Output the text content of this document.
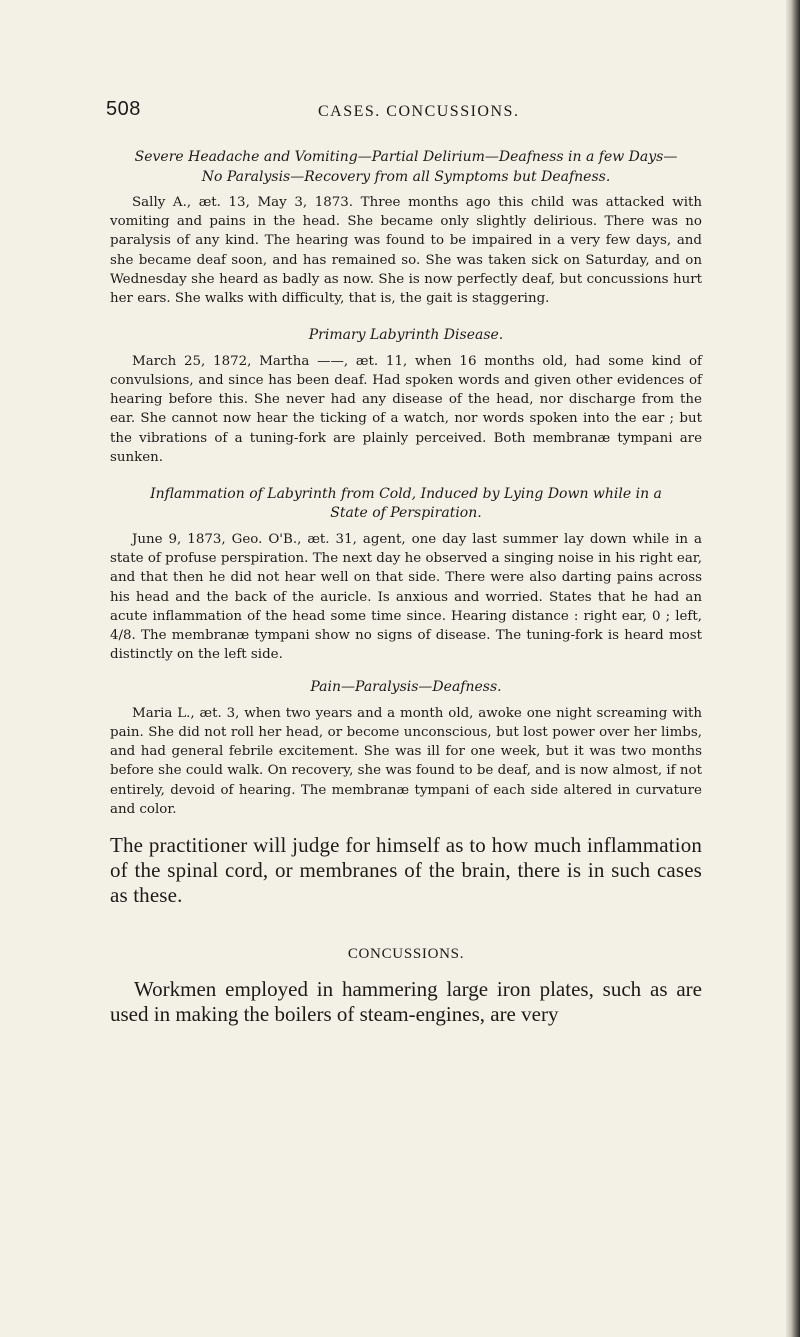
508	CASES. CONCUSSIONS.
Severe Headache and Vomiting—Partial Delirium—Deafness in a few Days—
No Paralysis—Recovery from all Symptoms but Deafness.

Sally A., æt. 13, May 3, 1873. Three months ago this child was attacked with vomiting and pains in the head. She became only slightly delirious. There was no paralysis of any kind. The hearing was found to be impaired in a very few days, and she became deaf soon, and has remained so. She was taken sick on Saturday, and on Wednesday she heard as badly as now. She is now perfectly deaf, but concussions hurt her ears. She walks with difficulty, that is, the gait is staggering.

Primary Labyrinth Disease.

March 25, 1872, Martha ——, æt. 11, when 16 months old, had some kind of convulsions, and since has been deaf. Had spoken words and given other evidences of hearing before this. She never had any disease of the head, nor discharge from the ear. She cannot now hear the ticking of a watch, nor words spoken into the ear ; but the vibrations of a tuning-fork are plainly perceived. Both membranæ tympani are sunken.

Inflammation of Labyrinth from Cold, Induced by Lying Down while in a
State of Perspiration.

June 9, 1873, Geo. O'B., æt. 31, agent, one day last summer lay down while in a state of profuse perspiration. The next day he observed a singing noise in his right ear, and that then he did not hear well on that side. There were also darting pains across his head and the back of the auricle. Is anxious and worried. States that he had an acute inflammation of the head some time since. Hearing distance : right ear, 0 ; left, 4/8. The membranæ tympani show no signs of disease. The tuning-fork is heard most distinctly on the left side.

Pain—Paralysis—Deafness.

Maria L., æt. 3, when two years and a month old, awoke one night screaming with pain. She did not roll her head, or become unconscious, but lost power over her limbs, and had general febrile excitement. She was ill for one week, but it was two months before she could walk. On recovery, she was found to be deaf, and is now almost, if not entirely, devoid of hearing. The membranæ tympani of each side altered in curvature and color.

The practitioner will judge for himself as to how much inflammation of the spinal cord, or membranes of the brain, there is in such cases as these.

CONCUSSIONS.

Workmen employed in hammering large iron plates, such as are used in making the boilers of steam-engines, are very
